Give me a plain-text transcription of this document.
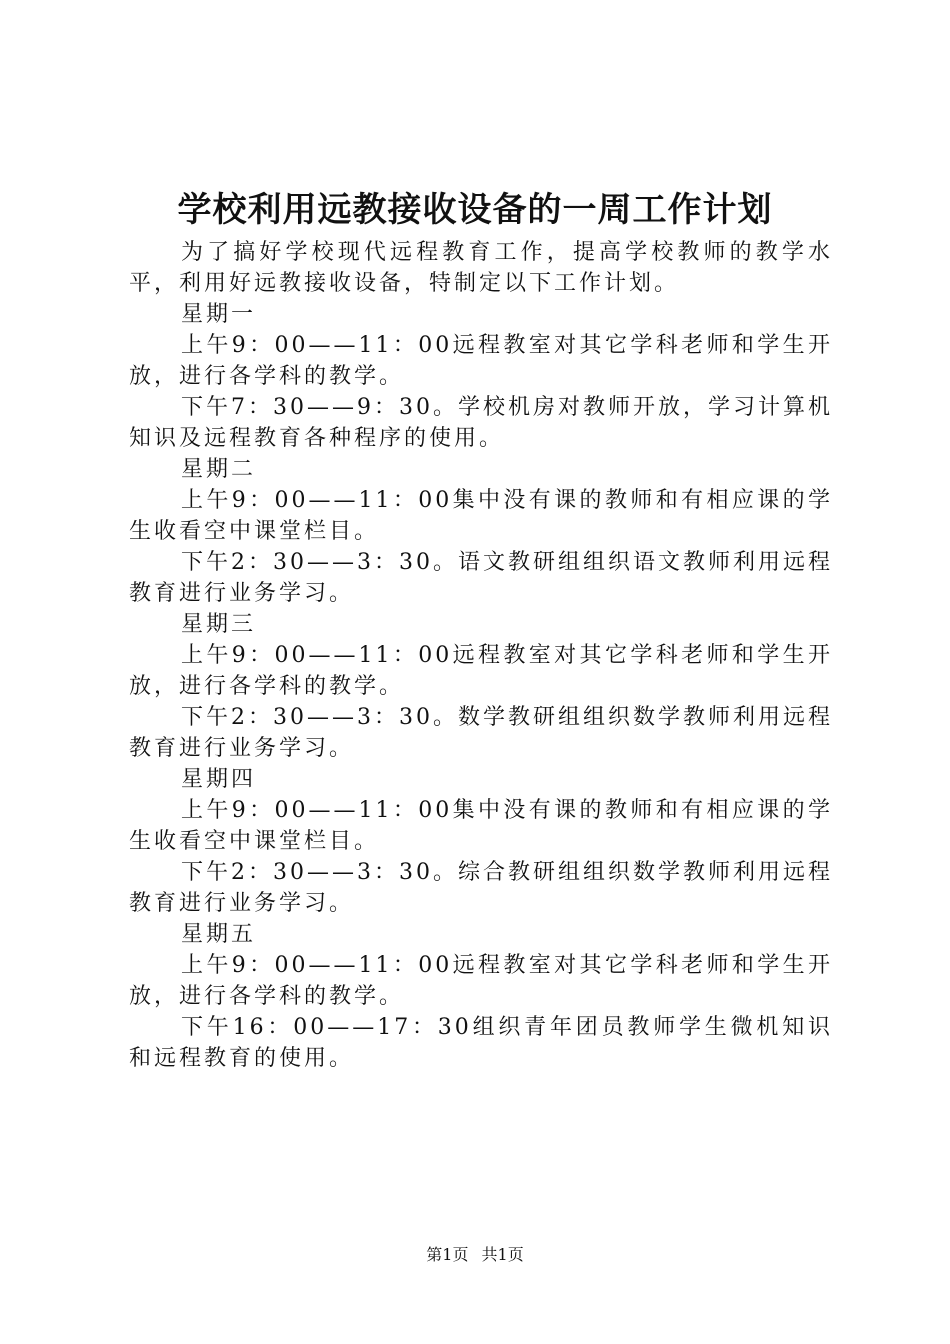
学校利用远教接收设备的一周工作计划

为了搞好学校现代远程教育工作，提高学校教师的教学水平，利用好远教接收设备，特制定以下工作计划。

星期一

上午9：00——11：00远程教室对其它学科老师和学生开放，进行各学科的教学。

下午7：30——9：30。学校机房对教师开放，学习计算机知识及远程教育各种程序的使用。

星期二

上午9：00——11：00集中没有课的教师和有相应课的学生收看空中课堂栏目。

下午2：30——3：30。语文教研组组织语文教师利用远程教育进行业务学习。

星期三

上午9：00——11：00远程教室对其它学科老师和学生开放，进行各学科的教学。

下午2：30——3：30。数学教研组组织数学教师利用远程教育进行业务学习。

星期四

上午9：00——11：00集中没有课的教师和有相应课的学生收看空中课堂栏目。

下午2：30——3：30。综合教研组组织数学教师利用远程教育进行业务学习。

星期五

上午9：00——11：00远程教室对其它学科老师和学生开放，进行各学科的教学。

下午16：00——17：30组织青年团员教师学生微机知识和远程教育的使用。

第1页 共1页
